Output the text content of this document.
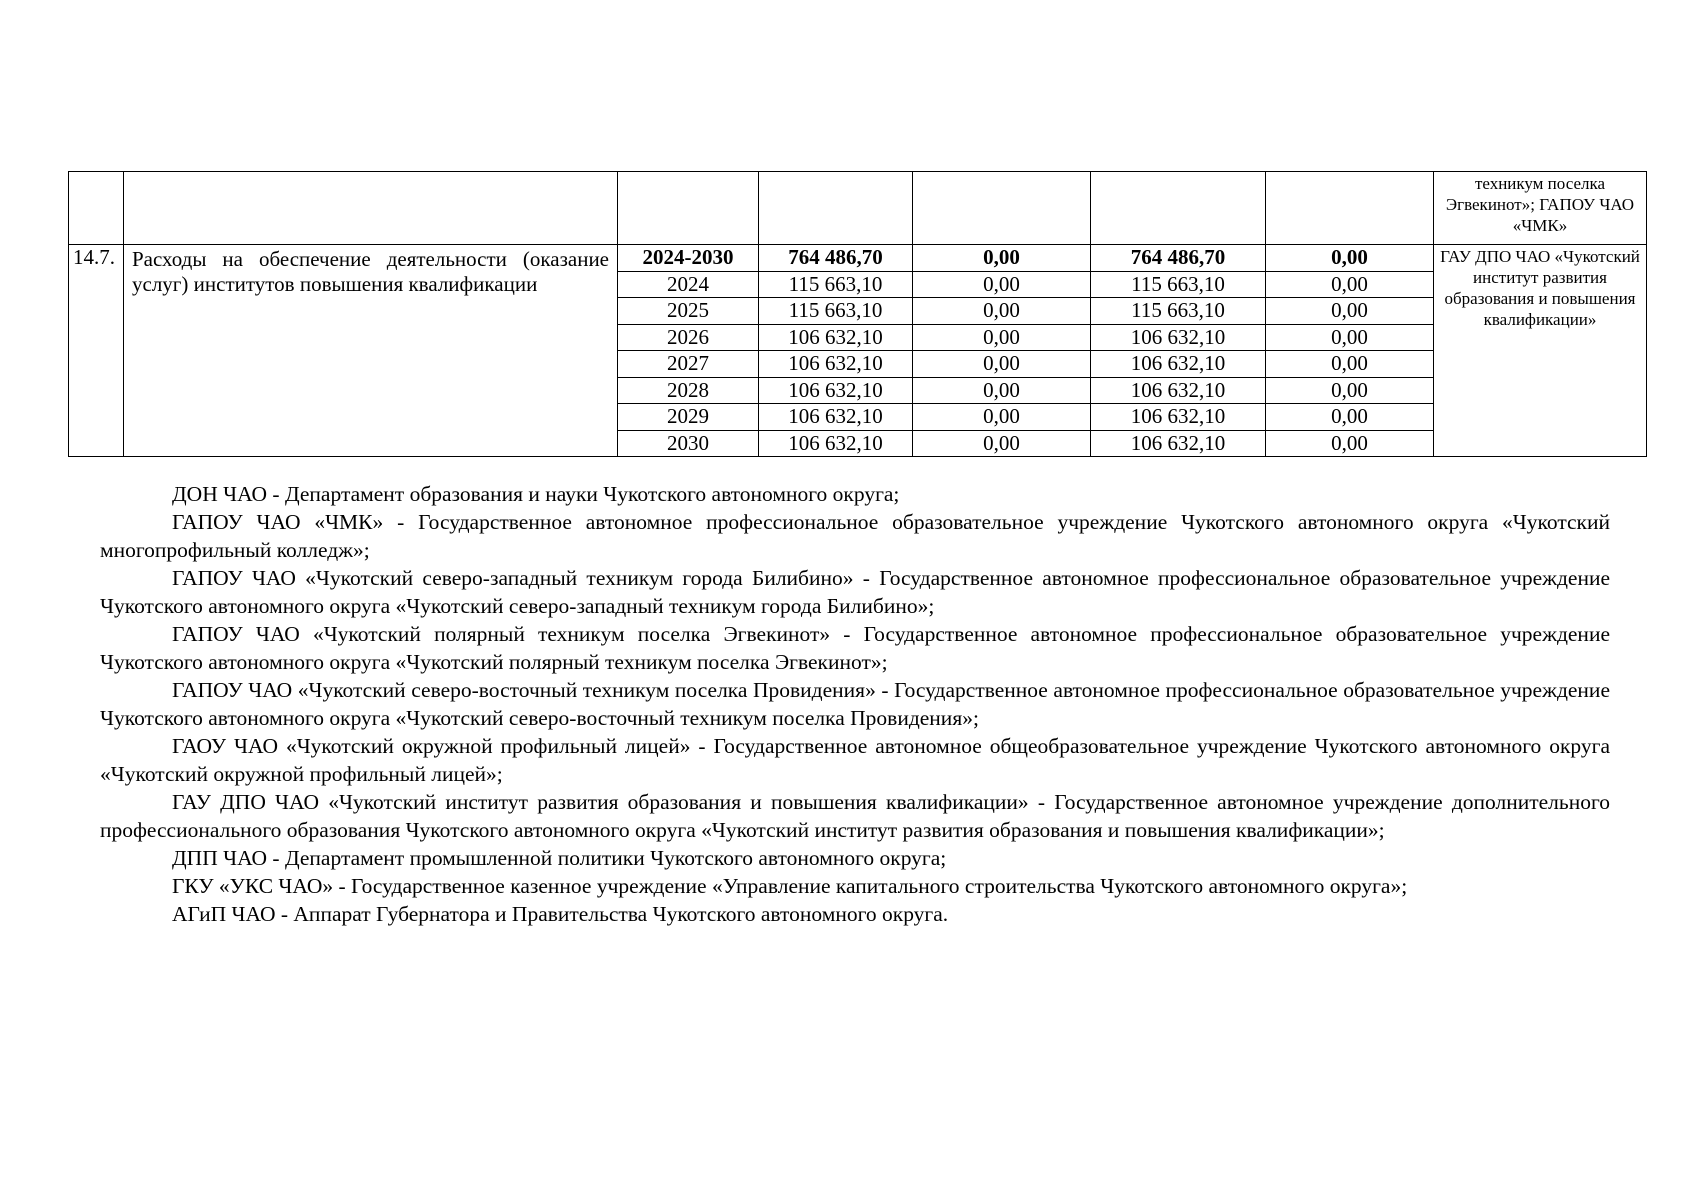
							техникум поселка Эгвекинот»; ГАПОУ ЧАО «ЧМК»
14.7.	Расходы на обеспечение деятельности (оказание услуг) институтов повышения квалификации	2024-2030	764 486,70	0,00	764 486,70	0,00	ГАУ ДПО ЧАО «Чукотский институт развития образования и повышения квалификации»
		2024	115 663,10	0,00	115 663,10	0,00	
		2025	115 663,10	0,00	115 663,10	0,00	
		2026	106 632,10	0,00	106 632,10	0,00	
		2027	106 632,10	0,00	106 632,10	0,00	
		2028	106 632,10	0,00	106 632,10	0,00	
		2029	106 632,10	0,00	106 632,10	0,00	
		2030	106 632,10	0,00	106 632,10	0,00	

ДОН ЧАО - Департамент образования и науки Чукотского автономного округа;

ГАПОУ ЧАО «ЧМК» - Государственное автономное профессиональное образовательное учреждение Чукотского автономного округа «Чукотский многопрофильный колледж»;

ГАПОУ ЧАО «Чукотский северо-западный техникум города Билибино» - Государственное автономное профессиональное образовательное учреждение Чукотского автономного округа «Чукотский северо-западный техникум города Билибино»;

ГАПОУ ЧАО «Чукотский полярный техникум поселка Эгвекинот» - Государственное автономное профессиональное образовательное учреждение Чукотского автономного округа «Чукотский полярный техникум поселка Эгвекинот»;

ГАПОУ ЧАО «Чукотский северо-восточный техникум поселка Провидения» - Государственное автономное профессиональное образовательное учреждение Чукотского автономного округа «Чукотский северо-восточный техникум поселка Провидения»;

ГАОУ ЧАО «Чукотский окружной профильный лицей» - Государственное автономное общеобразовательное учреждение Чукотского автономного округа «Чукотский окружной профильный лицей»;

ГАУ ДПО ЧАО «Чукотский институт развития образования и повышения квалификации» - Государственное автономное учреждение дополнительного профессионального образования Чукотского автономного округа «Чукотский институт развития образования и повышения квалификации»;

ДПП ЧАО - Департамент промышленной политики Чукотского автономного округа;

ГКУ «УКС ЧАО» - Государственное казенное учреждение «Управление капитального строительства Чукотского автономного округа»;

АГиП ЧАО - Аппарат Губернатора и Правительства Чукотского автономного округа.
